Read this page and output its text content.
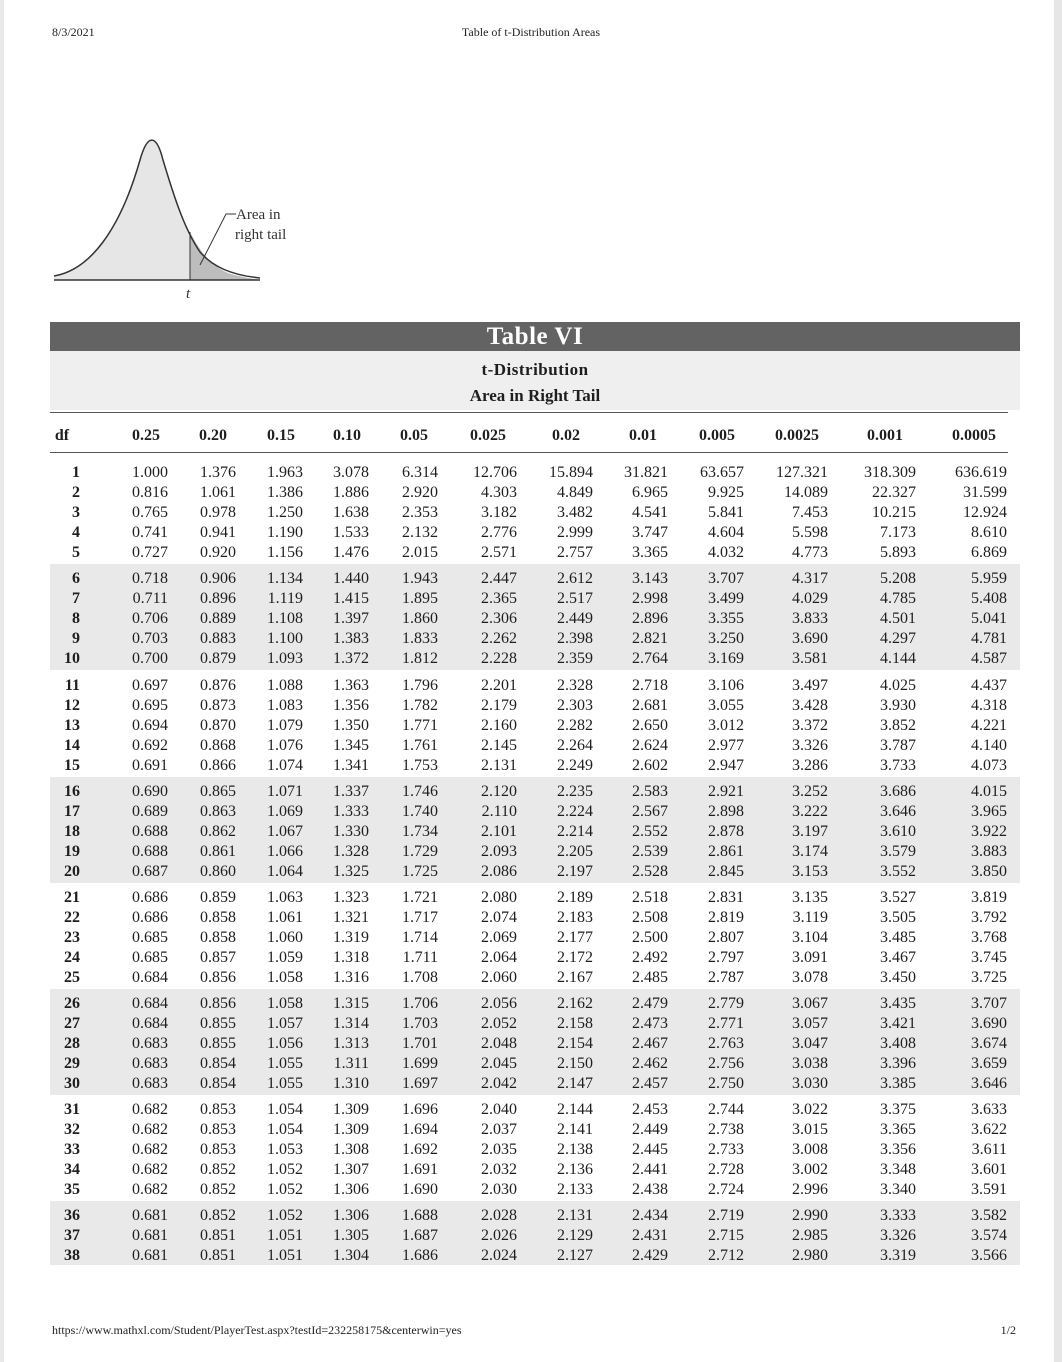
8/3/2021	Table of t-Distribution Areas
Area in
right tail
t
Table VI
t-Distribution
Area in Right Tail
df	0.25	0.20	0.15	0.10	0.05	0.025	0.02	0.01	0.005	0.0025	0.001	0.0005
1	1.000	1.376	1.963	3.078	6.314	12.706	15.894	31.821	63.657	127.321	318.309	636.619
2	0.816	1.061	1.386	1.886	2.920	4.303	4.849	6.965	9.925	14.089	22.327	31.599
3	0.765	0.978	1.250	1.638	2.353	3.182	3.482	4.541	5.841	7.453	10.215	12.924
4	0.741	0.941	1.190	1.533	2.132	2.776	2.999	3.747	4.604	5.598	7.173	8.610
5	0.727	0.920	1.156	1.476	2.015	2.571	2.757	3.365	4.032	4.773	5.893	6.869
6	0.718	0.906	1.134	1.440	1.943	2.447	2.612	3.143	3.707	4.317	5.208	5.959
7	0.711	0.896	1.119	1.415	1.895	2.365	2.517	2.998	3.499	4.029	4.785	5.408
8	0.706	0.889	1.108	1.397	1.860	2.306	2.449	2.896	3.355	3.833	4.501	5.041
9	0.703	0.883	1.100	1.383	1.833	2.262	2.398	2.821	3.250	3.690	4.297	4.781
10	0.700	0.879	1.093	1.372	1.812	2.228	2.359	2.764	3.169	3.581	4.144	4.587
11	0.697	0.876	1.088	1.363	1.796	2.201	2.328	2.718	3.106	3.497	4.025	4.437
12	0.695	0.873	1.083	1.356	1.782	2.179	2.303	2.681	3.055	3.428	3.930	4.318
13	0.694	0.870	1.079	1.350	1.771	2.160	2.282	2.650	3.012	3.372	3.852	4.221
14	0.692	0.868	1.076	1.345	1.761	2.145	2.264	2.624	2.977	3.326	3.787	4.140
15	0.691	0.866	1.074	1.341	1.753	2.131	2.249	2.602	2.947	3.286	3.733	4.073
16	0.690	0.865	1.071	1.337	1.746	2.120	2.235	2.583	2.921	3.252	3.686	4.015
17	0.689	0.863	1.069	1.333	1.740	2.110	2.224	2.567	2.898	3.222	3.646	3.965
18	0.688	0.862	1.067	1.330	1.734	2.101	2.214	2.552	2.878	3.197	3.610	3.922
19	0.688	0.861	1.066	1.328	1.729	2.093	2.205	2.539	2.861	3.174	3.579	3.883
20	0.687	0.860	1.064	1.325	1.725	2.086	2.197	2.528	2.845	3.153	3.552	3.850
21	0.686	0.859	1.063	1.323	1.721	2.080	2.189	2.518	2.831	3.135	3.527	3.819
22	0.686	0.858	1.061	1.321	1.717	2.074	2.183	2.508	2.819	3.119	3.505	3.792
23	0.685	0.858	1.060	1.319	1.714	2.069	2.177	2.500	2.807	3.104	3.485	3.768
24	0.685	0.857	1.059	1.318	1.711	2.064	2.172	2.492	2.797	3.091	3.467	3.745
25	0.684	0.856	1.058	1.316	1.708	2.060	2.167	2.485	2.787	3.078	3.450	3.725
26	0.684	0.856	1.058	1.315	1.706	2.056	2.162	2.479	2.779	3.067	3.435	3.707
27	0.684	0.855	1.057	1.314	1.703	2.052	2.158	2.473	2.771	3.057	3.421	3.690
28	0.683	0.855	1.056	1.313	1.701	2.048	2.154	2.467	2.763	3.047	3.408	3.674
29	0.683	0.854	1.055	1.311	1.699	2.045	2.150	2.462	2.756	3.038	3.396	3.659
30	0.683	0.854	1.055	1.310	1.697	2.042	2.147	2.457	2.750	3.030	3.385	3.646
31	0.682	0.853	1.054	1.309	1.696	2.040	2.144	2.453	2.744	3.022	3.375	3.633
32	0.682	0.853	1.054	1.309	1.694	2.037	2.141	2.449	2.738	3.015	3.365	3.622
33	0.682	0.853	1.053	1.308	1.692	2.035	2.138	2.445	2.733	3.008	3.356	3.611
34	0.682	0.852	1.052	1.307	1.691	2.032	2.136	2.441	2.728	3.002	3.348	3.601
35	0.682	0.852	1.052	1.306	1.690	2.030	2.133	2.438	2.724	2.996	3.340	3.591
36	0.681	0.852	1.052	1.306	1.688	2.028	2.131	2.434	2.719	2.990	3.333	3.582
37	0.681	0.851	1.051	1.305	1.687	2.026	2.129	2.431	2.715	2.985	3.326	3.574
38	0.681	0.851	1.051	1.304	1.686	2.024	2.127	2.429	2.712	2.980	3.319	3.566
https://www.mathxl.com/Student/PlayerTest.aspx?testId=232258175&centerwin=yes	1/2
